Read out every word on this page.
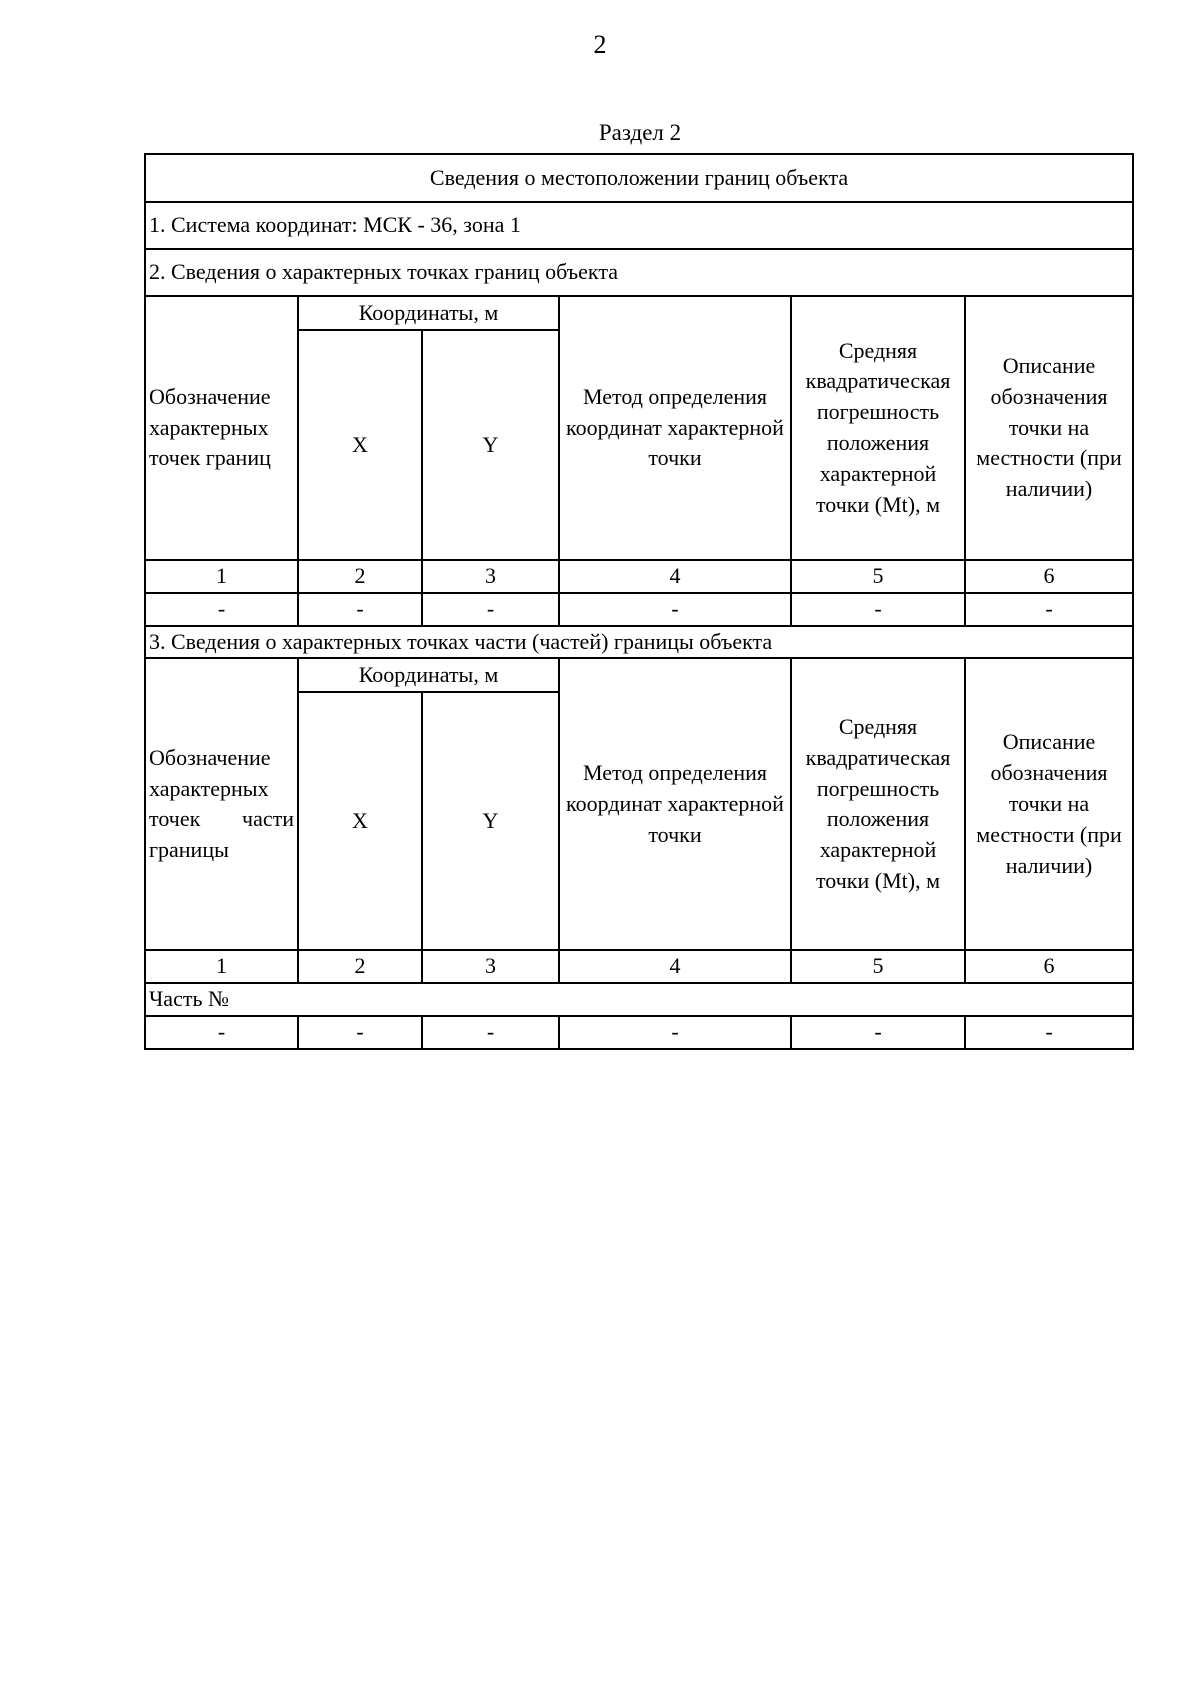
2
Раздел 2
Сведения о местоположении границ объекта					
1. Система координат: МСК - 36, зона 1					
2. Сведения о характерных точках границ объекта					
Обозначение характерных точек границ	Координаты, м		Метод определения координат характерной точки	Средняя квадратическая погрешность положения характерной точки (Mt), м	Описание обозначения точки на местности (при наличии)
	X	Y			
1	2	3	4	5	6
-	-	-	-	-	-
3. Сведения о характерных точках части (частей) границы объекта					

Обозначение
характерных
точек части
границы	Координаты, м		Метод определения координат характерной точки	Средняя квадратическая погрешность положения характерной точки (Mt), м	Описание обозначения точки на местности (при наличии)
	X	Y			
1	2	3	4	5	6
Часть №					
-	-	-	-	-	-
